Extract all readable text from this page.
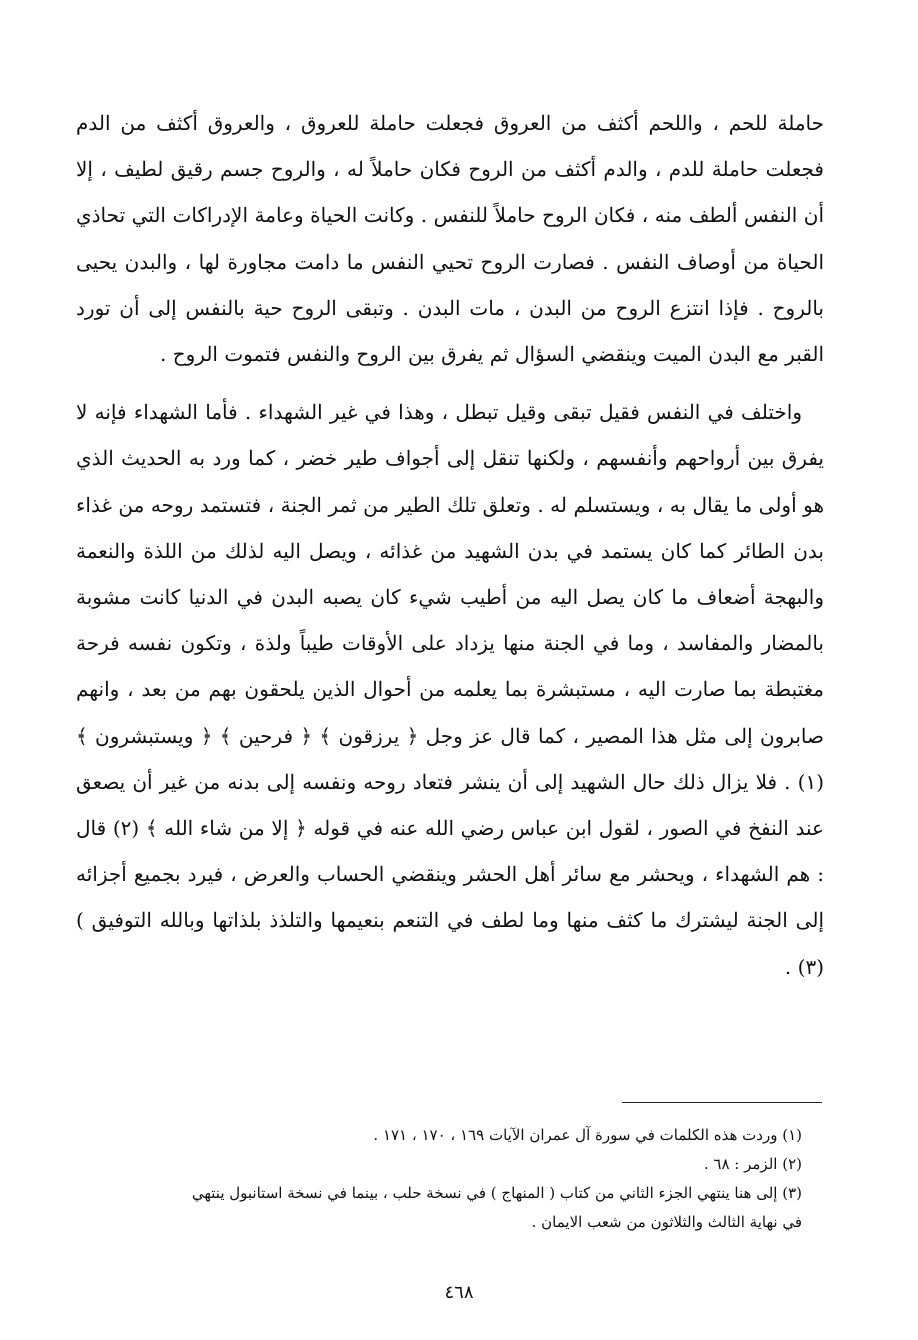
حاملة للحم ، واللحم أكثف من العروق فجعلت حاملة للعروق ، والعروق أكثف من الدم فجعلت حاملة للدم ، والدم أكثف من الروح فكان حاملاً له ، والروح جسم رقيق لطيف ، إلا أن النفس ألطف منه ، فكان الروح حاملاً للنفس . وكانت الحياة وعامة الإدراكات التي تحاذي الحياة من أوصاف النفس . فصارت الروح تحيي النفس ما دامت مجاورة لها ، والبدن يحيى بالروح . فإذا انتزع الروح من البدن ، مات البدن . وتبقى الروح حية بالنفس إلى أن تورد القبر مع البدن الميت وينقضي السؤال ثم يفرق بين الروح والنفس فتموت الروح .

واختلف في النفس فقيل تبقى وقيل تبطل ، وهذا في غير الشهداء . فأما الشهداء فإنه لا يفرق بين أرواحهم وأنفسهم ، ولكنها تنقل إلى أجواف طير خضر ، كما ورد به الحديث الذي هو أولى ما يقال به ، ويستسلم له . وتعلق تلك الطير من ثمر الجنة ، فتستمد روحه من غذاء بدن الطائر كما كان يستمد في بدن الشهيد من غذائه ، ويصل اليه لذلك من اللذة والنعمة والبهجة أضعاف ما كان يصل اليه من أطيب شيء كان يصبه البدن في الدنيا كانت مشوبة بالمضار والمفاسد ، وما في الجنة منها يزداد على الأوقات طيباً ولذة ، وتكون نفسه فرحة مغتبطة بما صارت اليه ، مستبشرة بما يعلمه من أحوال الذين يلحقون بهم من بعد ، وانهم صابرون إلى مثل هذا المصير ، كما قال عز وجل ﴿ يرزقون ﴾ ﴿ فرحين ﴾ ﴿ ويستبشرون ﴾ (١) . فلا يزال ذلك حال الشهيد إلى أن ينشر فتعاد روحه ونفسه إلى بدنه من غير أن يصعق عند النفخ في الصور ، لقول ابن عباس رضي الله عنه في قوله ﴿ إلا من شاء الله ﴾ (٢) قال : هم الشهداء ، ويحشر مع سائر أهل الحشر وينقضي الحساب والعرض ، فيرد بجميع أجزائه إلى الجنة ليشترك ما كثف منها وما لطف في التنعم بنعيمها والتلذذ بلذاتها وبالله التوفيق ) (٣) .

(١) وردت هذه الكلمات في سورة آل عمران الآيات ١٦٩ ، ١٧٠ ، ١٧١ .

(٢) الزمر : ٦٨ .

(٣) إلى هنا ينتهي الجزء الثاني من كتاب ( المنهاج ) في نسخة حلب ، بينما في نسخة استانبول ينتهي

في نهاية الثالث والثلاثون من شعب الايمان .

٤٦٨
